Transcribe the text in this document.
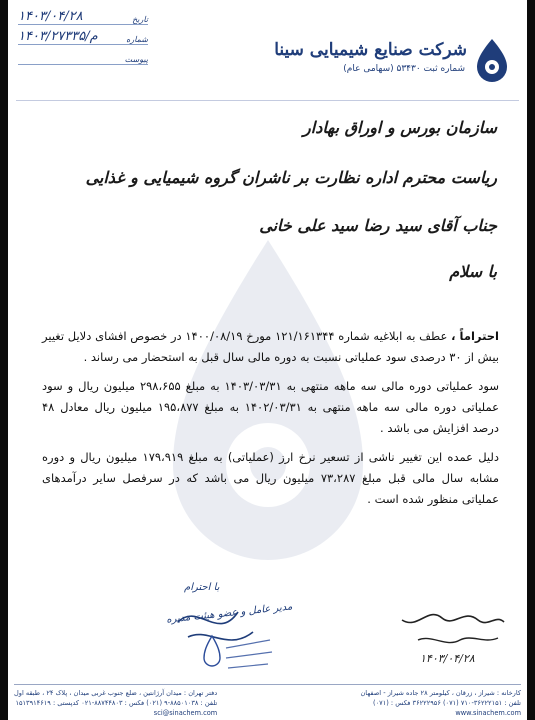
شرکت صنایع شیمیایی سینا
شماره ثبت ۵۳۴۳۰ (سهامی عام)
۱۴۰۳/۰۴/۲۸	تاریخ
۱۴۰۳/م/۲۷۳۳۵	شماره
پیوست
سازمان بورس و اوراق بهادار
ریاست محترم اداره نظارت بر ناشران گروه شیمیایی و غذایی
جناب آقای سید رضا سید علی خانی
با سلام

احتراماً ، عطف به ابلاغیه شماره ۱۲۱/۱۶۱۳۴۴ مورخ ۱۴۰۰/۰۸/۱۹ در خصوص افشای دلایل تغییر بیش از ۳۰ درصدی سود عملیاتی نسبت به دوره مالی سال قبل به استحضار می رساند .

سود عملیاتی دوره مالی سه ماهه منتهی به ۱۴۰۳/۰۳/۳۱ به مبلغ ۲۹۸،۶۵۵ میلیون ریال و سود عملیاتی دوره مالی سه ماهه منتهی به ۱۴۰۲/۰۳/۳۱ به مبلغ ۱۹۵،۸۷۷ میلیون ریال معادل ۴۸ درصد افزایش می باشد .

دلیل عمده این تغییر ناشی از تسعیر نرخ ارز (عملیاتی) به مبلغ ۱۷۹،۹۱۹ میلیون ریال و دوره مشابه سال مالی قبل مبلغ ۷۳،۲۸۷ میلیون ریال می باشد که در سرفصل سایر درآمدهای عملیاتی منظور شده است .

با احترام
مدیر عامل و عضو هیئت مدیره
۱۴۰۳/۰۴/۲۸
کارخانه : شیراز ، زرقان ، کیلومتر ۲۸ جاده شیراز - اصفهان
تلفن : ۳۶۲۲۲۱۵۱-۷۱۰ (۰۷۱) ۳۶۲۲۲۹۵۶ فکس : (۰۷۱)
www.sinachem.com
دفتر تهران : میدان آرژانتین ، ضلع جنوب غربی میدان ، پلاک ۲۴ ، طبقه اول
تلفن : ۸۸۵۰۱۰۳۸-۹ (۰۲۱) فکس : ۸۸۷۴۴۸۰۳-۰۲۱ کدپستی : ۱۵۱۳۹۱۴۶۱۹
sci@sinachem.com
